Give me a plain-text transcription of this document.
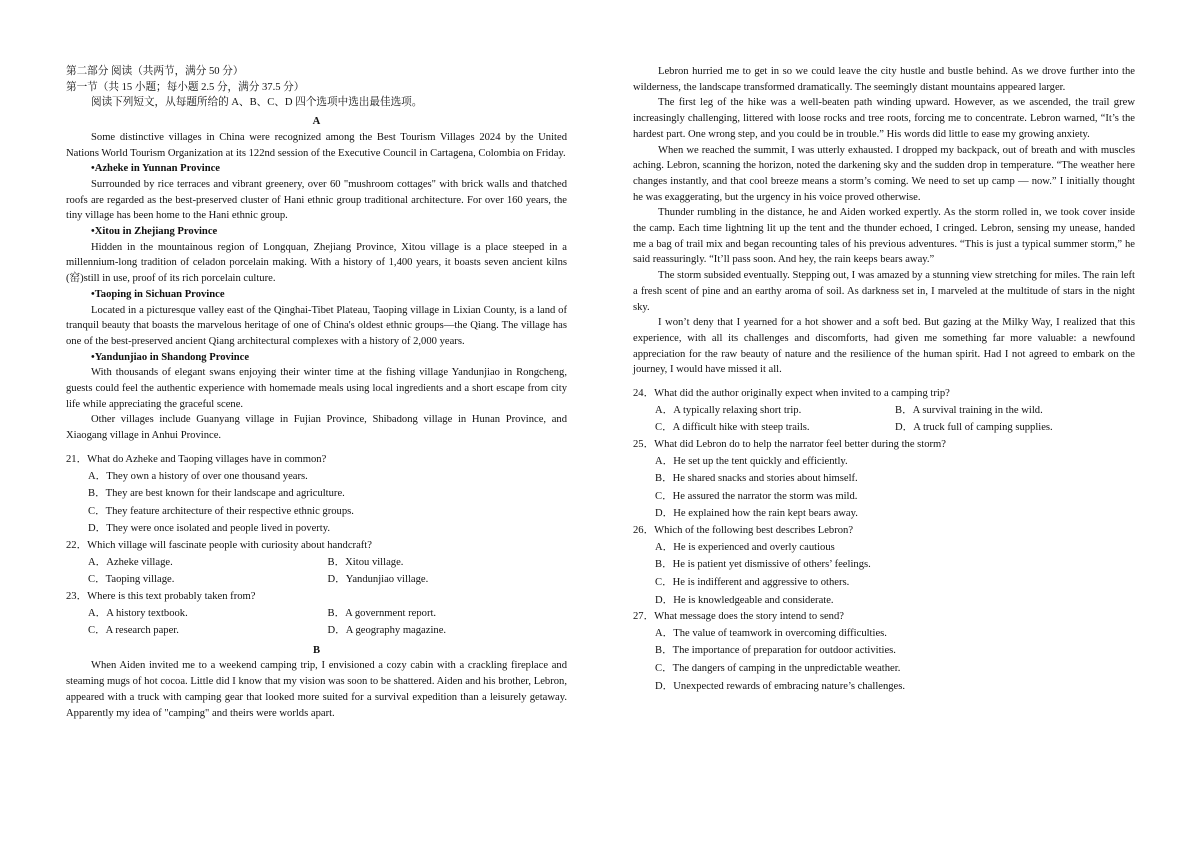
第二部分 阅读（共两节，满分 50 分）
第一节（共 15 小题；每小题 2.5 分，满分 37.5 分）
阅读下列短文，从每题所给的 A、B、C、D 四个选项中选出最佳选项。
A

Some distinctive villages in China were recognized among the Best Tourism Villages 2024 by the United Nations World Tourism Organization at its 122nd session of the Executive Council in Cartagena, Colombia on Friday.

•Azheke in Yunnan Province

Surrounded by rice terraces and vibrant greenery, over 60 "mushroom cottages" with brick walls and thatched roofs are regarded as the best-preserved cluster of Hani ethnic group traditional architecture. For over 160 years, the tiny village has been home to the Hani ethnic group.

•Xitou in Zhejiang Province

Hidden in the mountainous region of Longquan, Zhejiang Province, Xitou village is a place steeped in a millennium-long tradition of celadon porcelain making. With a history of 1,400 years, it boasts seven ancient kilns (窑)still in use, proof of its rich porcelain culture.

•Taoping in Sichuan Province

Located in a picturesque valley east of the Qinghai-Tibet Plateau, Taoping village in Lixian County, is a land of tranquil beauty that boasts the marvelous heritage of one of China's oldest ethnic groups—the Qiang. The village has one of the best-preserved ancient Qiang architectural complexes with a history of 2,000 years.

•Yandunjiao in Shandong Province

With thousands of elegant swans enjoying their winter time at the fishing village Yandunjiao in Rongcheng, guests could feel the authentic experience with homemade meals using local ingredients and a short escape from city life while appreciating the graceful scene.

Other villages include Guanyang village in Fujian Province, Shibadong village in Hunan Province, and Xiaogang village in Anhui Province.

21．What do Azheke and Taoping villages have in common?
A．They own a history of over one thousand years.
B．They are best known for their landscape and agriculture.
C．They feature architecture of their respective ethnic groups.
D．They were once isolated and people lived in poverty.
22．Which village will fascinate people with curiosity about handcraft?
A．Azheke village.	B．Xitou village.
C．Taoping village.	D．Yandunjiao village.
23．Where is this text probably taken from?
A．A history textbook.	B．A government report.
C．A research paper.	D．A geography magazine.
B

When Aiden invited me to a weekend camping trip, I envisioned a cozy cabin with a crackling fireplace and steaming mugs of hot cocoa. Little did I know that my vision was soon to be shattered. Aiden and his brother, Lebron, appeared with a truck with camping gear that looked more suited for a survival expedition than a leisurely getaway. Apparently my idea of "camping" and theirs were worlds apart.

Lebron hurried me to get in so we could leave the city hustle and bustle behind. As we drove further into the wilderness, the landscape transformed dramatically. The seemingly distant mountains appeared larger.

The first leg of the hike was a well-beaten path winding upward. However, as we ascended, the trail grew increasingly challenging, littered with loose rocks and tree roots, forcing me to concentrate. Lebron warned, “It’s the hardest part. One wrong step, and you could be in trouble.” His words did little to ease my growing anxiety.

When we reached the summit, I was utterly exhausted. I dropped my backpack, out of breath and with muscles aching. Lebron, scanning the horizon, noted the darkening sky and the sudden drop in temperature. “The weather here changes instantly, and that cool breeze means a storm’s coming. We need to set up camp — now.” I initially thought he was exaggerating, but the urgency in his voice proved otherwise.

Thunder rumbling in the distance, he and Aiden worked expertly. As the storm rolled in, we took cover inside the camp. Each time lightning lit up the tent and the thunder echoed, I cringed. Lebron, sensing my unease, handed me a bag of trail mix and began recounting tales of his previous adventures. “This is just a typical summer storm,” he said reassuringly. “It’ll pass soon. And hey, the rain keeps bears away.”

The storm subsided eventually. Stepping out, I was amazed by a stunning view stretching for miles. The rain left a fresh scent of pine and an earthy aroma of soil. As darkness set in, I marveled at the multitude of stars in the night sky.

I won’t deny that I yearned for a hot shower and a soft bed. But gazing at the Milky Way, I realized that this experience, with all its challenges and discomforts, had given me something far more valuable: a newfound appreciation for the raw beauty of nature and the resilience of the human spirit. Had I not agreed to embark on the journey, I would have missed it all.

24．What did the author originally expect when invited to a camping trip?
A．A typically relaxing short trip.	B．A survival training in the wild.
C．A difficult hike with steep trails.	D．A truck full of camping supplies.
25．What did Lebron do to help the narrator feel better during the storm?
A．He set up the tent quickly and efficiently.
B．He shared snacks and stories about himself.
C．He assured the narrator the storm was mild.
D．He explained how the rain kept bears away.
26．Which of the following best describes Lebron?
A．He is experienced and overly cautious
B．He is patient yet dismissive of others’ feelings.
C．He is indifferent and aggressive to others.
D．He is knowledgeable and considerate.
27．What message does the story intend to send?
A．The value of teamwork in overcoming difficulties.
B．The importance of preparation for outdoor activities.
C．The dangers of camping in the unpredictable weather.
D．Unexpected rewards of embracing nature’s challenges.
